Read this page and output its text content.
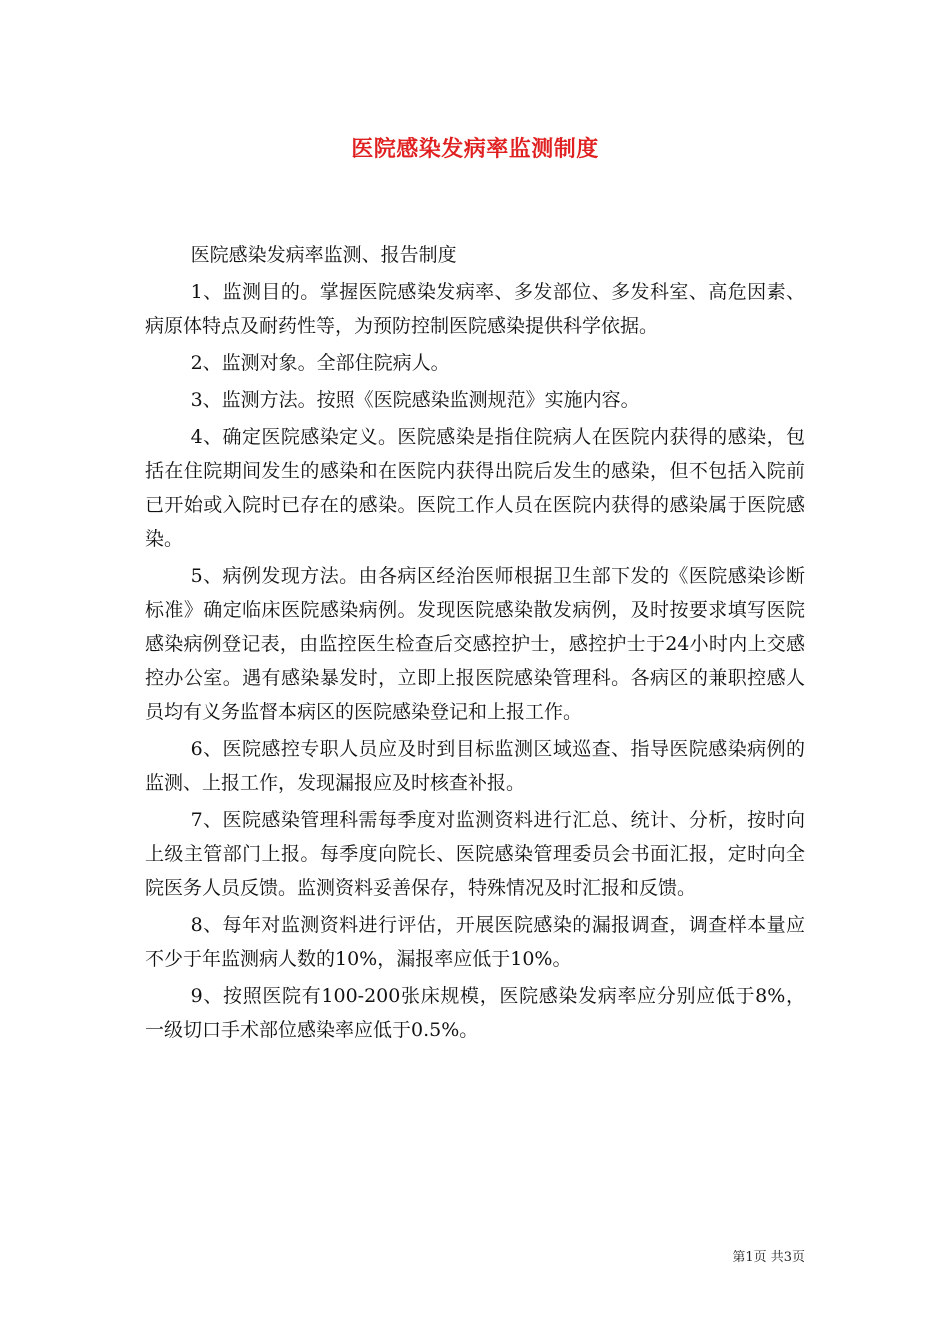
医院感染发病率监测制度

医院感染发病率监测、报告制度

1、监测目的。掌握医院感染发病率、多发部位、多发科室、高危因素、病原体特点及耐药性等，为预防控制医院感染提供科学依据。

2、监测对象。全部住院病人。

3、监测方法。按照《医院感染监测规范》实施内容。

4、确定医院感染定义。医院感染是指住院病人在医院内获得的感染，包括在住院期间发生的感染和在医院内获得出院后发生的感染，但不包括入院前已开始或入院时已存在的感染。医院工作人员在医院内获得的感染属于医院感染。

5、病例发现方法。由各病区经治医师根据卫生部下发的《医院感染诊断标准》确定临床医院感染病例。发现医院感染散发病例，及时按要求填写医院感染病例登记表，由监控医生检查后交感控护士，感控护士于24小时内上交感控办公室。遇有感染暴发时，立即上报医院感染管理科。各病区的兼职控感人员均有义务监督本病区的医院感染登记和上报工作。

6、医院感控专职人员应及时到目标监测区域巡查、指导医院感染病例的监测、上报工作，发现漏报应及时核查补报。

7、医院感染管理科需每季度对监测资料进行汇总、统计、分析，按时向上级主管部门上报。每季度向院长、医院感染管理委员会书面汇报，定时向全院医务人员反馈。监测资料妥善保存，特殊情况及时汇报和反馈。

8、每年对监测资料进行评估，开展医院感染的漏报调查，调查样本量应不少于年监测病人数的10%，漏报率应低于10%。

9、按照医院有100-200张床规模，医院感染发病率应分别应低于8%，一级切口手术部位感染率应低于0.5%。

第1页 共3页
